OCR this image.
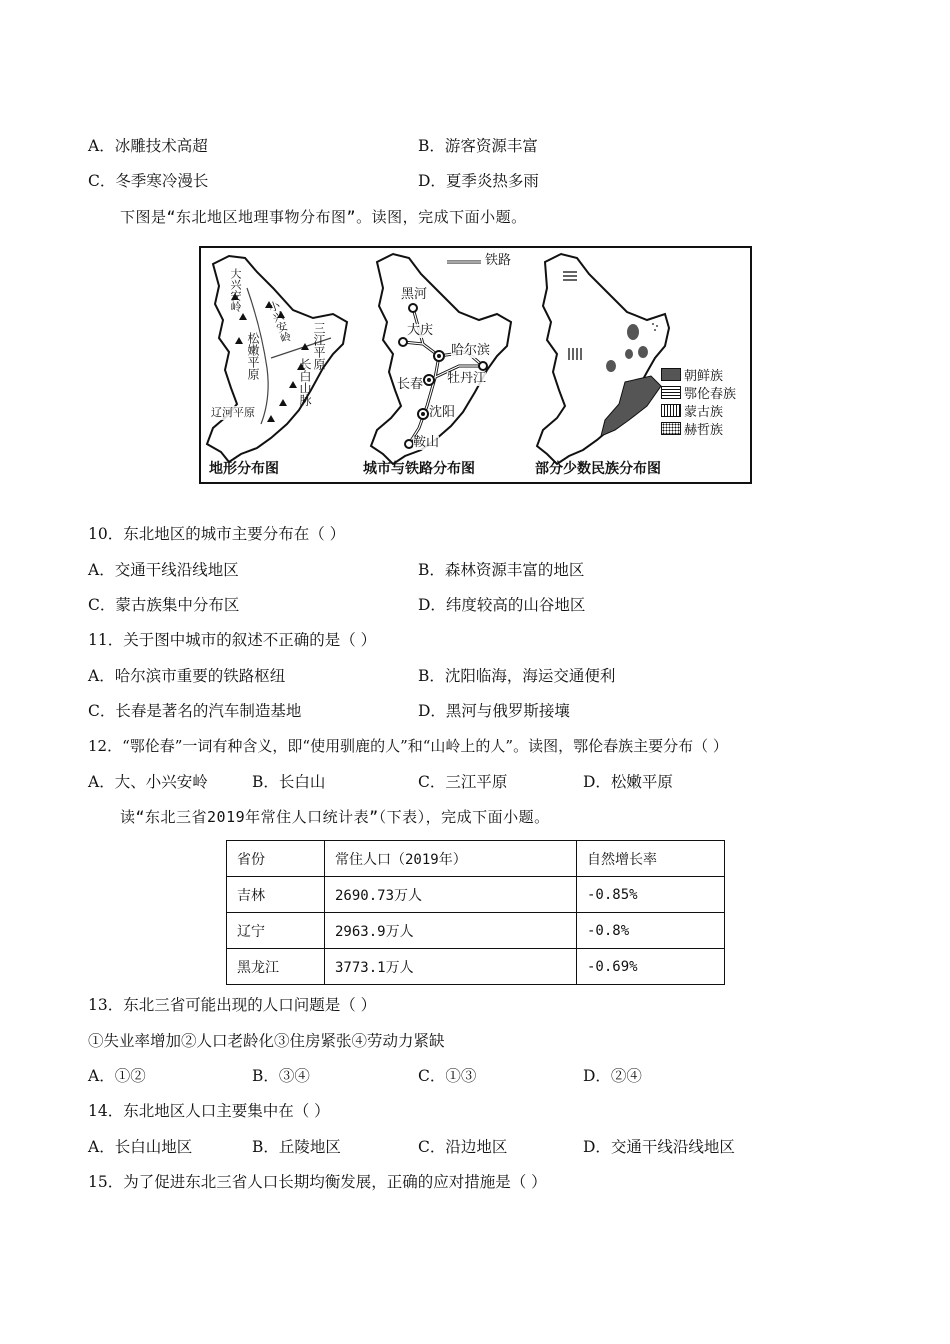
A．冰雕技术高超	B．游客资源丰富
C．冬季寒冷漫长	D．夏季炎热多雨
下图是“东北地区地理事物分布图”。读图，完成下面小题。
大兴安岭
小兴安岭
松嫩平原	三江平原
长白山脉
辽河平原
地形分布图
铁路
黑河
大庆
哈尔滨
长春 牡丹江
沈阳
鞍山
城市与铁路分布图
朝鲜族
鄂伦春族
蒙古族
赫哲族
部分少数民族分布图
10．东北地区的城市主要分布在（ ）
A．交通干线沿线地区	B．森林资源丰富的地区
C．蒙古族集中分布区	D．纬度较高的山谷地区
11．关于图中城市的叙述不正确的是（ ）
A．哈尔滨市重要的铁路枢纽	B．沈阳临海，海运交通便利
C．长春是著名的汽车制造基地	D．黑河与俄罗斯接壤
12．“鄂伦春”一词有种含义，即“使用驯鹿的人”和“山岭上的人”。读图，鄂伦春族主要分布（ ）
A．大、小兴安岭	B．长白山	C．三江平原	D．松嫩平原
读“东北三省2019年常住人口统计表”（下表），完成下面小题。
省份	常住人口（2019年）	自然增长率
吉林	2690.73万人	-0.85%
辽宁	2963.9万人	-0.8%
黑龙江	3773.1万人	-0.69%
13．东北三省可能出现的人口问题是（ ）
①失业率增加②人口老龄化③住房紧张④劳动力紧缺
A．①②	B．③④	C．①③	D．②④
14．东北地区人口主要集中在（ ）
A．长白山地区	B．丘陵地区	C．沿边地区	D．交通干线沿线地区
15．为了促进东北三省人口长期均衡发展，正确的应对措施是（ ）
